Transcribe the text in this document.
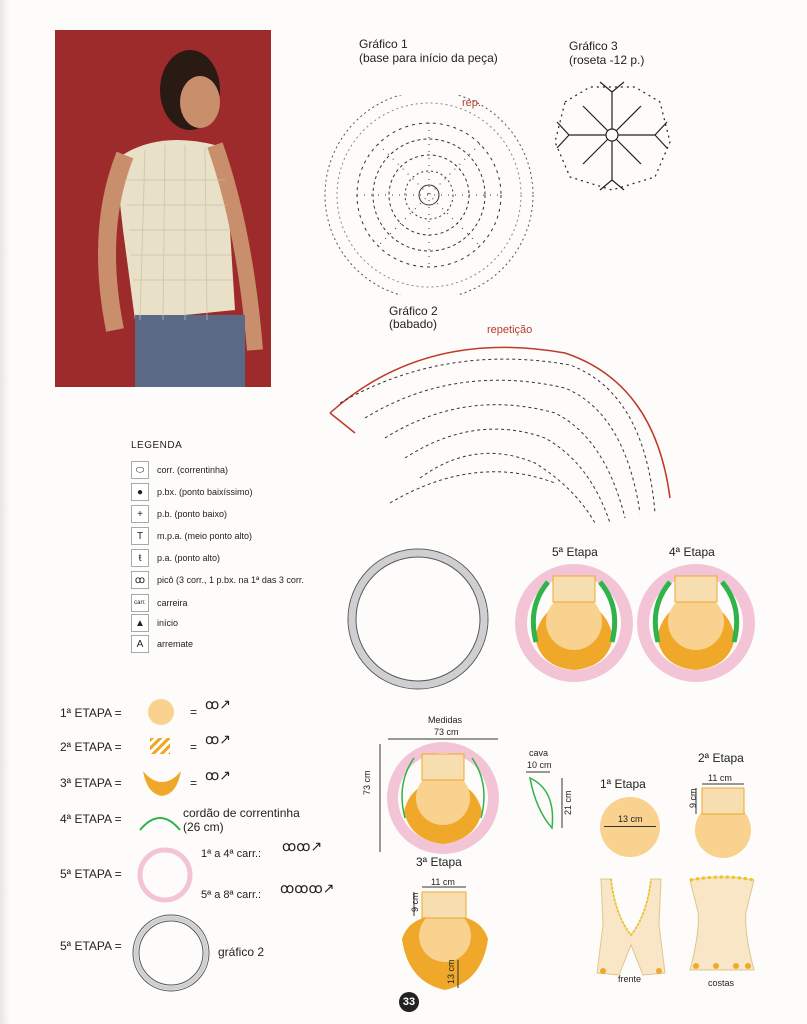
Gráfico 1
(base para início da peça)
rep.
Gráfico 3
(roseta -12 p.)
Gráfico 2
(babado)	repetição
LEGENDA
⬭	corr. (correntinha)
●	p.bx. (ponto baixíssimo)
+	p.b. (ponto baixo)
T	m.p.a. (meio ponto alto)
ŧ	p.a. (ponto alto)
ꝏ	picô (3 corr., 1 p.bx. na 1ª das 3 corr.
carr.	carreira
▲	início
A	arremate
5ª Etapa	4ª Etapa
1ª ETAPA =	= ꝏ↗
2ª ETAPA =	= ꝏ↗
3ª ETAPA =	= ꝏ↗
4ª ETAPA =	cordão de correntinha (26 cm)
5ª ETAPA =
1ª a 4ª carr.: ꝏꝏ↗
5ª a 8ª carr.: ꝏꝏꝏ↗
5ª ETAPA =	gráfico 2
Medidas
73 cm
73 cm
cava
10 cm
21 cm
3ª Etapa
11 cm
9 cm
13 cm
1ª Etapa
13 cm
2ª Etapa
11 cm
9 cm
frente	costas
33
